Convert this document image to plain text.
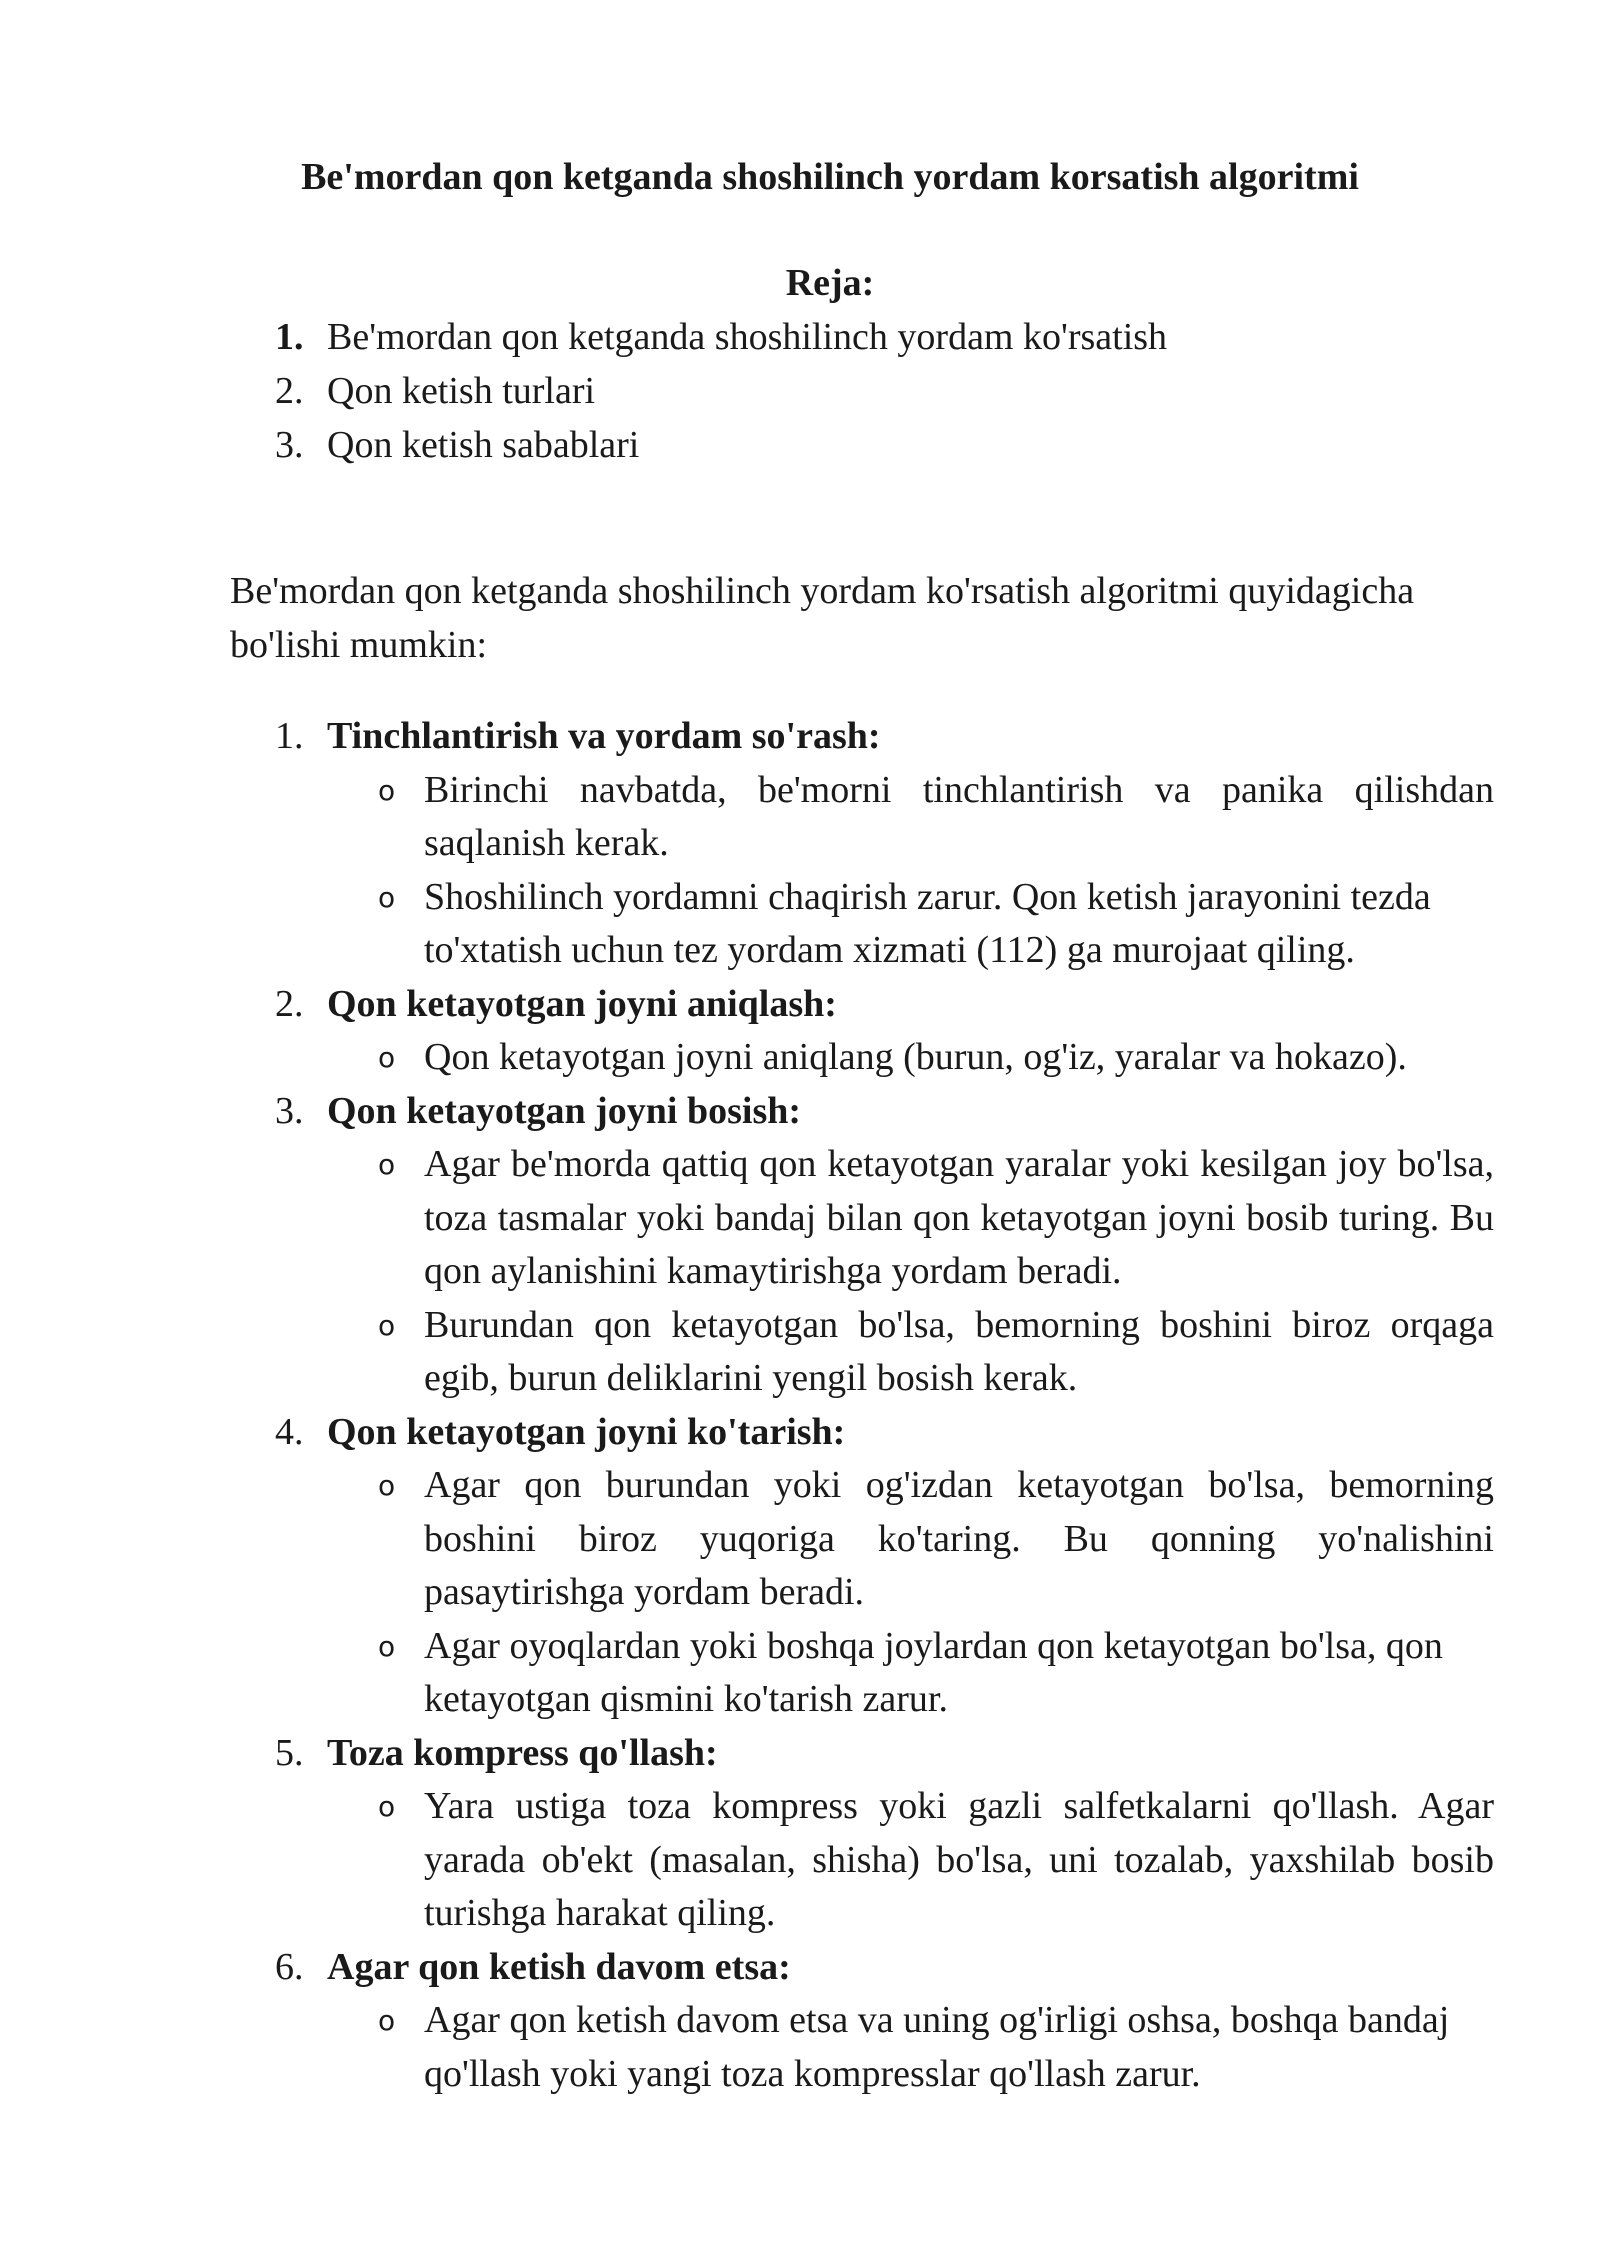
Be'mordan qon ketganda shoshilinch yordam korsatish algoritmi
Reja:
1. Be'mordan qon ketganda shoshilinch yordam ko'rsatish
2. Qon ketish turlari
3. Qon ketish sabablari

Be'mordan qon ketganda shoshilinch yordam ko'rsatish algoritmi quyidagicha bo'lishi mumkin:

1. Tinchlantirish va yordam so'rash:
o Birinchi navbatda, be'morni tinchlantirish va panika qilishdan saqlanish kerak.
o Shoshilinch yordamni chaqirish zarur. Qon ketish jarayonini tezda to'xtatish uchun tez yordam xizmati (112) ga murojaat qiling.
2. Qon ketayotgan joyni aniqlash:
o Qon ketayotgan joyni aniqlang (burun, og'iz, yaralar va hokazo).
3. Qon ketayotgan joyni bosish:
o Agar be'morda qattiq qon ketayotgan yaralar yoki kesilgan joy bo'lsa, toza tasmalar yoki bandaj bilan qon ketayotgan joyni bosib turing. Bu qon aylanishini kamaytirishga yordam beradi.
o Burundan qon ketayotgan bo'lsa, bemorning boshini biroz orqaga egib, burun deliklarini yengil bosish kerak.
4. Qon ketayotgan joyni ko'tarish:
o Agar qon burundan yoki og'izdan ketayotgan bo'lsa, bemorning boshini biroz yuqoriga ko'taring. Bu qonning yo'nalishini pasaytirishga yordam beradi.
o Agar oyoqlardan yoki boshqa joylardan qon ketayotgan bo'lsa, qon ketayotgan qismini ko'tarish zarur.
5. Toza kompress qo'llash:
o Yara ustiga toza kompress yoki gazli salfetkalarni qo'llash. Agar yarada ob'ekt (masalan, shisha) bo'lsa, uni tozalab, yaxshilab bosib turishga harakat qiling.
6. Agar qon ketish davom etsa:
o Agar qon ketish davom etsa va uning og'irligi oshsa, boshqa bandaj qo'llash yoki yangi toza kompresslar qo'llash zarur.
